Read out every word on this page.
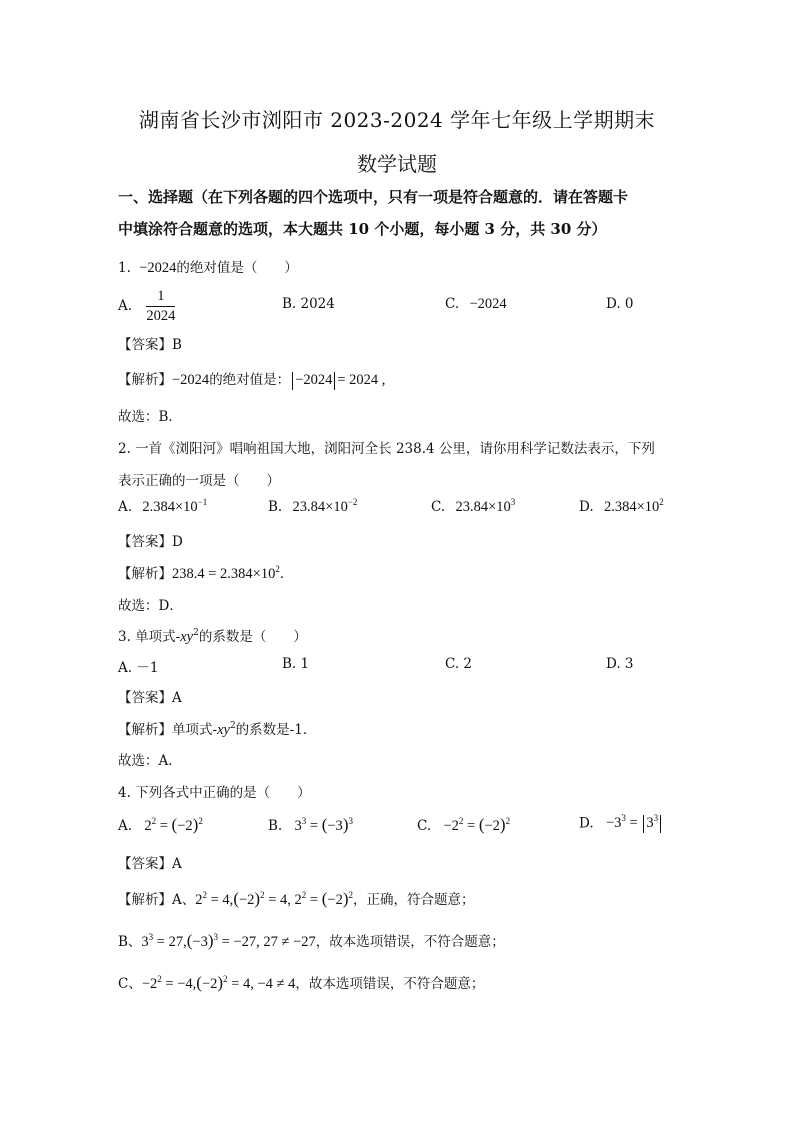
湖南省长沙市浏阳市 2023-2024 学年七年级上学期期末
数学试题
一、选择题（在下列各题的四个选项中，只有一项是符合题意的．请在答题卡
中填涂符合题意的选项，本大题共 10 个小题，每小题 3 分，共 30 分）
1. −2024的绝对值是（　　）
A. $\frac{1}{2024}$	B. 2024	C. −2024	D. 0
【答案】B
【解析】−2024的绝对值是： −2024 = 2024 ,
故选：B．
2. 一首《浏阳河》唱响祖国大地，浏阳河全长 238.4 公里，请你用科学记数法表示，下列
表示正确的一项是（　　）
A. $2.384\times 10^{-1}$	B. $23.84\times 10^{-2}$	C. $23.84\times 10^3$	D. $2.384\times 10^2$
【答案】D
【解析】$238.4 = 2.384\times 10^2$．
故选：D．
3. 单项式$-xy^2$的系数是（　　）
A. －1	B. 1	C. 2	D. 3
【答案】A
【解析】单项式$-xy^2$的系数是-1．
故选：A．
4. 下列各式中正确的是（　　）
A. $2^2 = (-2)^2$	B. $3^3 = (-3)^3$	C. $-2^2 = (-2)^2$	D. $-3^3 = 3^3$
【答案】A
【解析】A、$2^2 = 4,(-2)^2 = 4$, $2^2 = (-2)^2$，正确，符合题意；
B、$3^3 = 27,(-3)^3 = -27$, 27 ≠ −27，故本选项错误，不符合题意；
C、$-2^2 = -4,(-2)^2 = 4$, −4 ≠ 4，故本选项错误，不符合题意；
